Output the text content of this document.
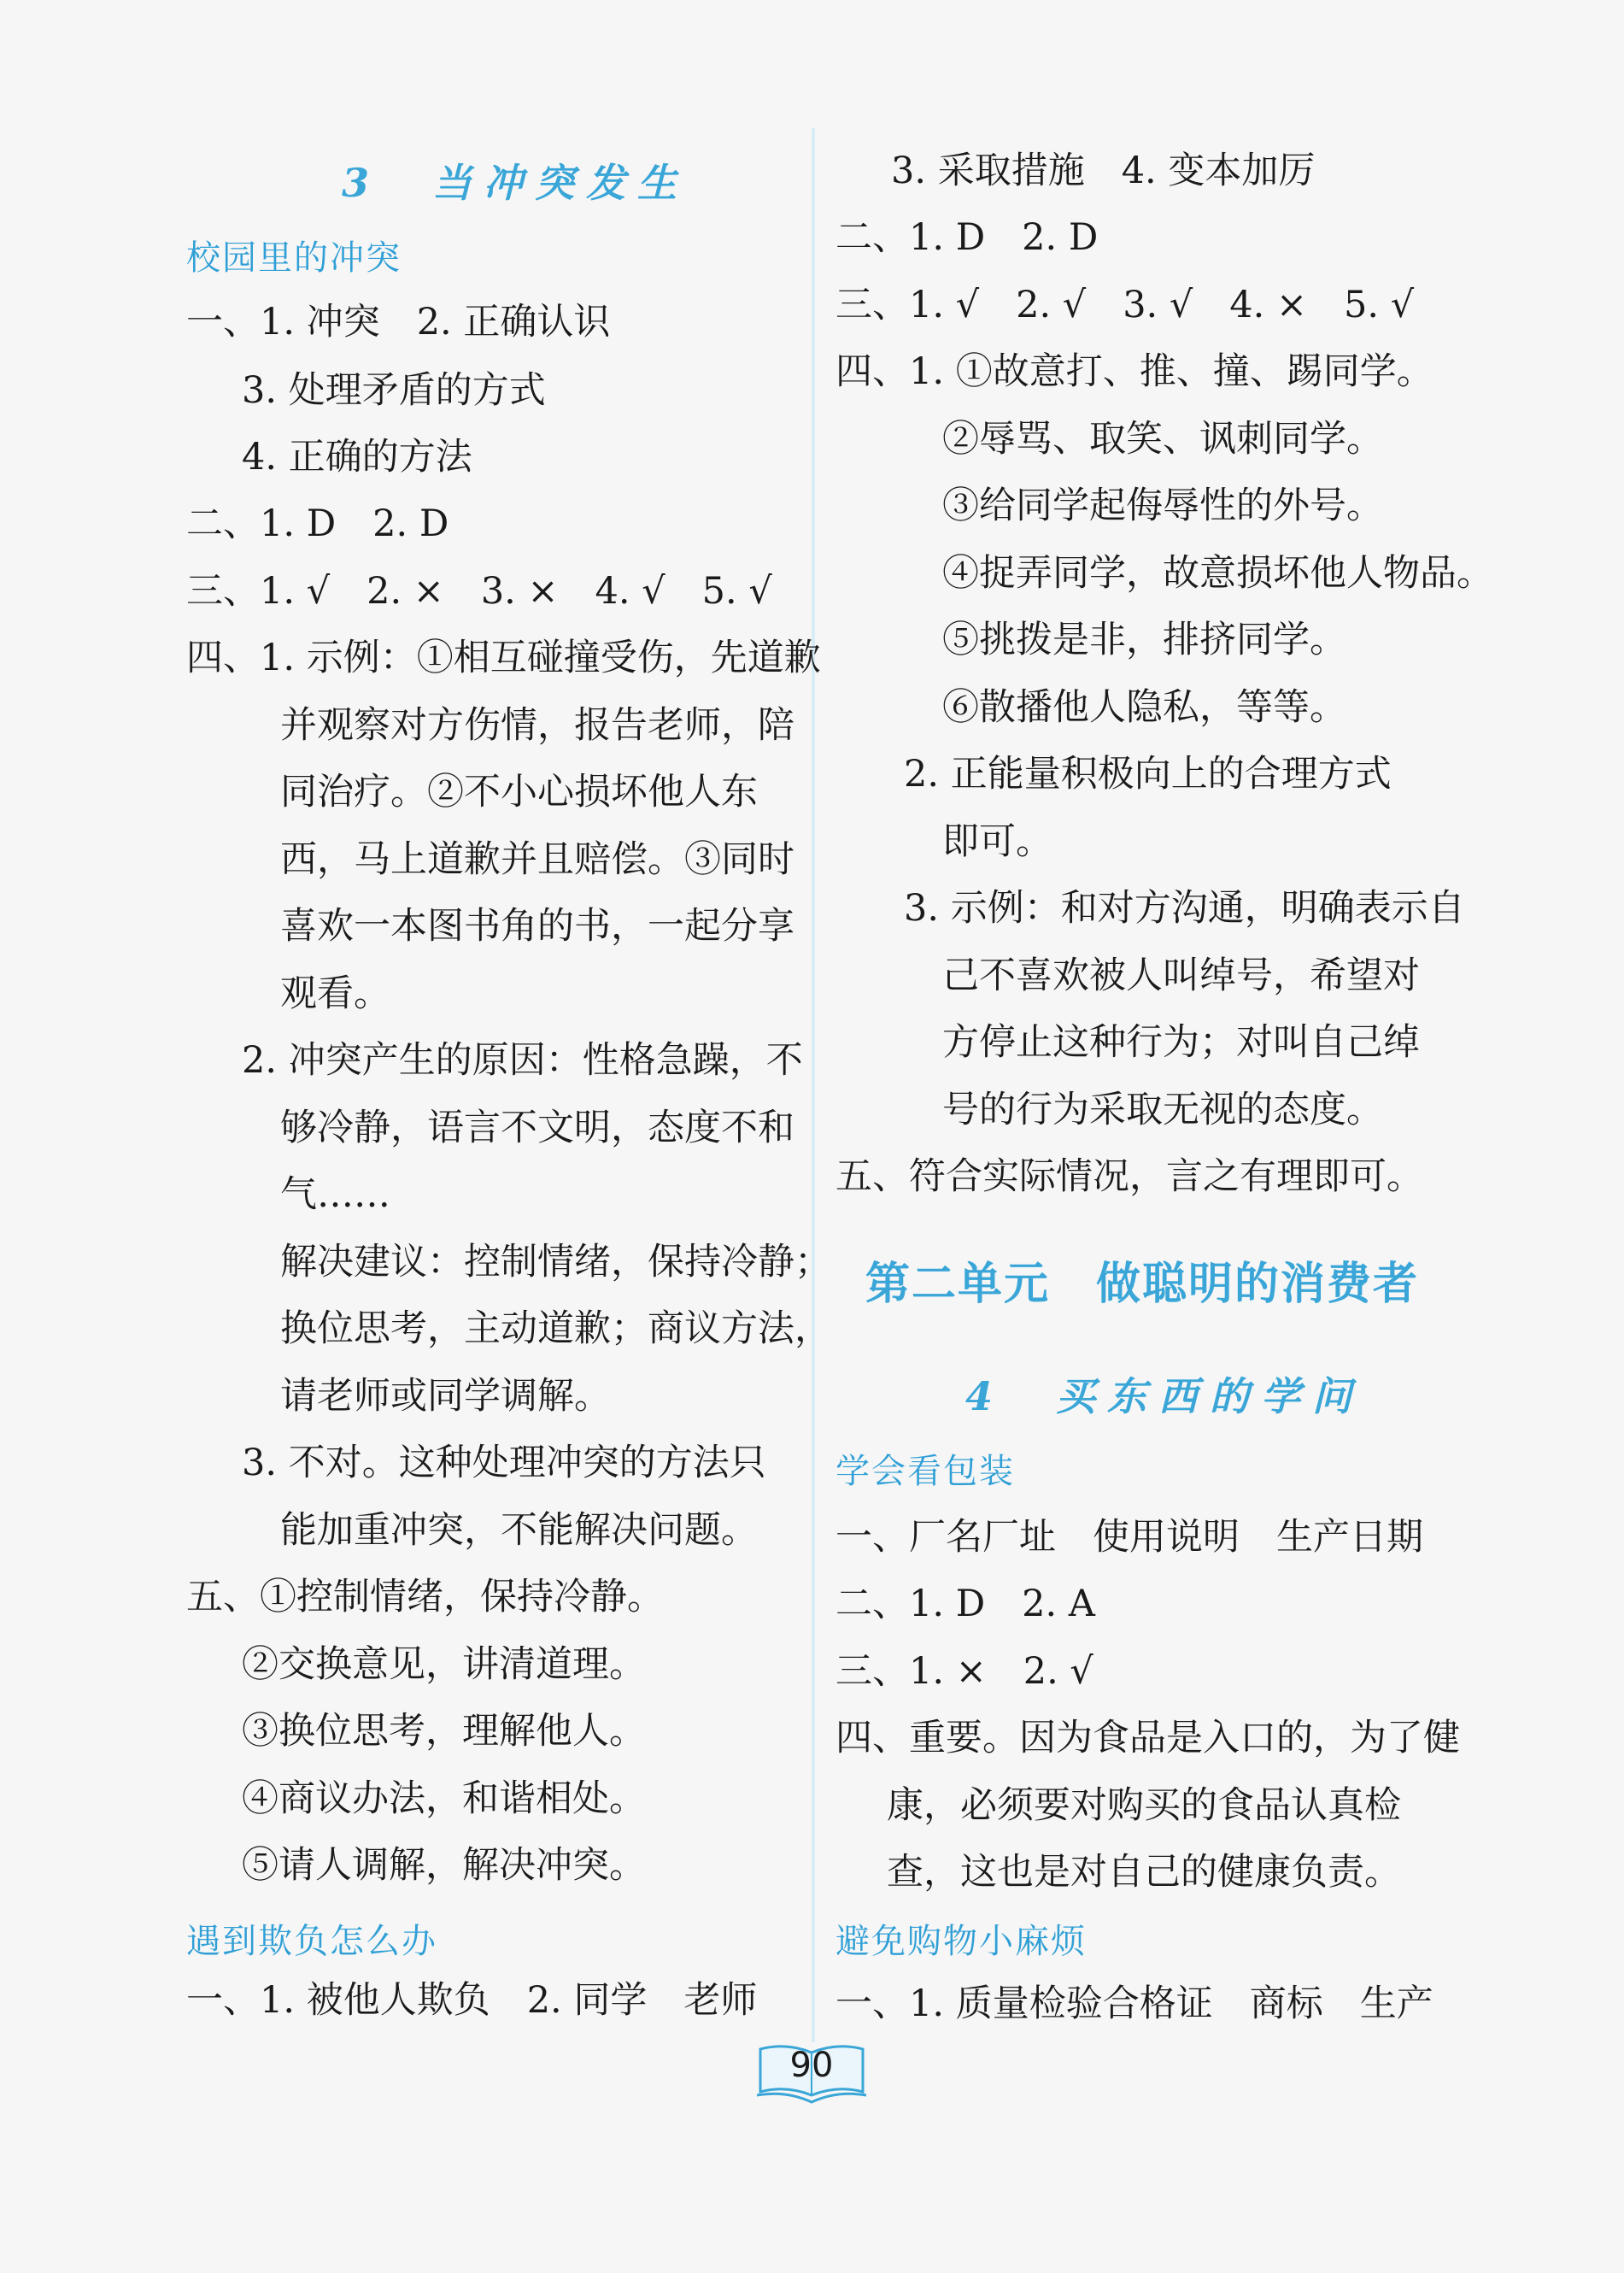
3　当冲突发生
校园里的冲突
一、1. 冲突　2. 正确认识
3. 处理矛盾的方式
4. 正确的方法
二、1. D　2. D
三、1. √　2. ×　3. ×　4. √　5. √
四、1. 示例：①相互碰撞受伤，先道歉
并观察对方伤情，报告老师，陪
同治疗。②不小心损坏他人东
西，马上道歉并且赔偿。③同时
喜欢一本图书角的书，一起分享
观看。
2. 冲突产生的原因：性格急躁，不
够冷静，语言不文明，态度不和
气……
解决建议：控制情绪，保持冷静；
换位思考，主动道歉；商议方法，
请老师或同学调解。
3. 不对。这种处理冲突的方法只
能加重冲突，不能解决问题。
五、①控制情绪，保持冷静。
②交换意见，讲清道理。
③换位思考，理解他人。
④商议办法，和谐相处。
⑤请人调解，解决冲突。
遇到欺负怎么办
一、1. 被他人欺负　2. 同学　老师
3. 采取措施　4. 变本加厉
二、1. D　2. D
三、1. √　2. √　3. √　4. ×　5. √
四、1. ①故意打、推、撞、踢同学。
②辱骂、取笑、讽刺同学。
③给同学起侮辱性的外号。
④捉弄同学，故意损坏他人物品。
⑤挑拨是非，排挤同学。
⑥散播他人隐私，等等。
2. 正能量积极向上的合理方式
即可。
3. 示例：和对方沟通，明确表示自
己不喜欢被人叫绰号，希望对
方停止这种行为；对叫自己绰
号的行为采取无视的态度。
五、符合实际情况，言之有理即可。
第二单元　做聪明的消费者
4　买东西的学问
学会看包装
一、厂名厂址　使用说明　生产日期
二、1. D　2. A
三、1. ×　2. √
四、重要。因为食品是入口的，为了健
康，必须要对购买的食品认真检
查，这也是对自己的健康负责。
避免购物小麻烦
一、1. 质量检验合格证　商标　生产
90
